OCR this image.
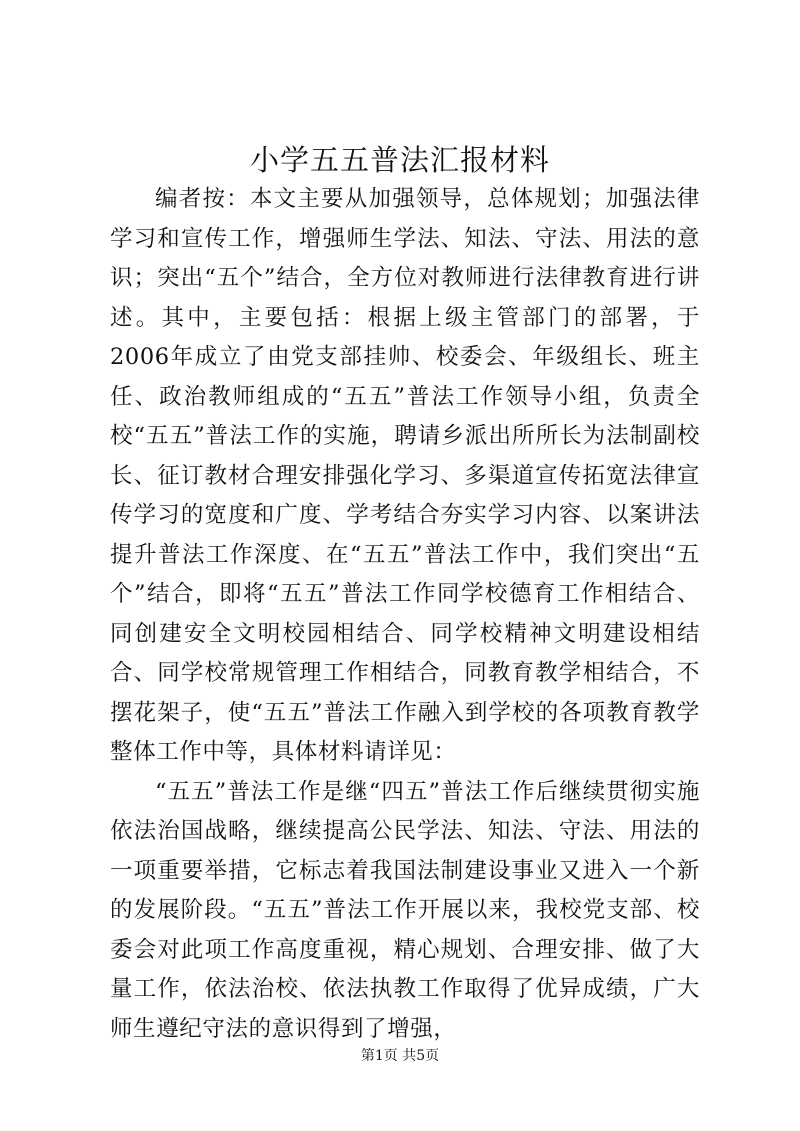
小学五五普法汇报材料

编者按：本文主要从加强领导，总体规划；加强法律学习和宣传工作，增强师生学法、知法、守法、用法的意识；突出“五个”结合，全方位对教师进行法律教育进行讲述。其中，主要包括：根据上级主管部门的部署，于2006年成立了由党支部挂帅、校委会、年级组长、班主任、政治教师组成的“五五”普法工作领导小组，负责全校“五五”普法工作的实施，聘请乡派出所所长为法制副校长、征订教材合理安排强化学习、多渠道宣传拓宽法律宣传学习的宽度和广度、学考结合夯实学习内容、以案讲法提升普法工作深度、在“五五”普法工作中，我们突出“五个”结合，即将“五五”普法工作同学校德育工作相结合、同创建安全文明校园相结合、同学校精神文明建设相结合、同学校常规管理工作相结合，同教育教学相结合，不摆花架子，使“五五”普法工作融入到学校的各项教育教学整体工作中等，具体材料请详见：

“五五”普法工作是继“四五”普法工作后继续贯彻实施依法治国战略，继续提高公民学法、知法、守法、用法的一项重要举措，它标志着我国法制建设事业又进入一个新的发展阶段。“五五”普法工作开展以来，我校党支部、校委会对此项工作高度重视，精心规划、合理安排、做了大量工作，依法治校、依法执教工作取得了优异成绩，广大师生遵纪守法的意识得到了增强，

第1页 共5页
